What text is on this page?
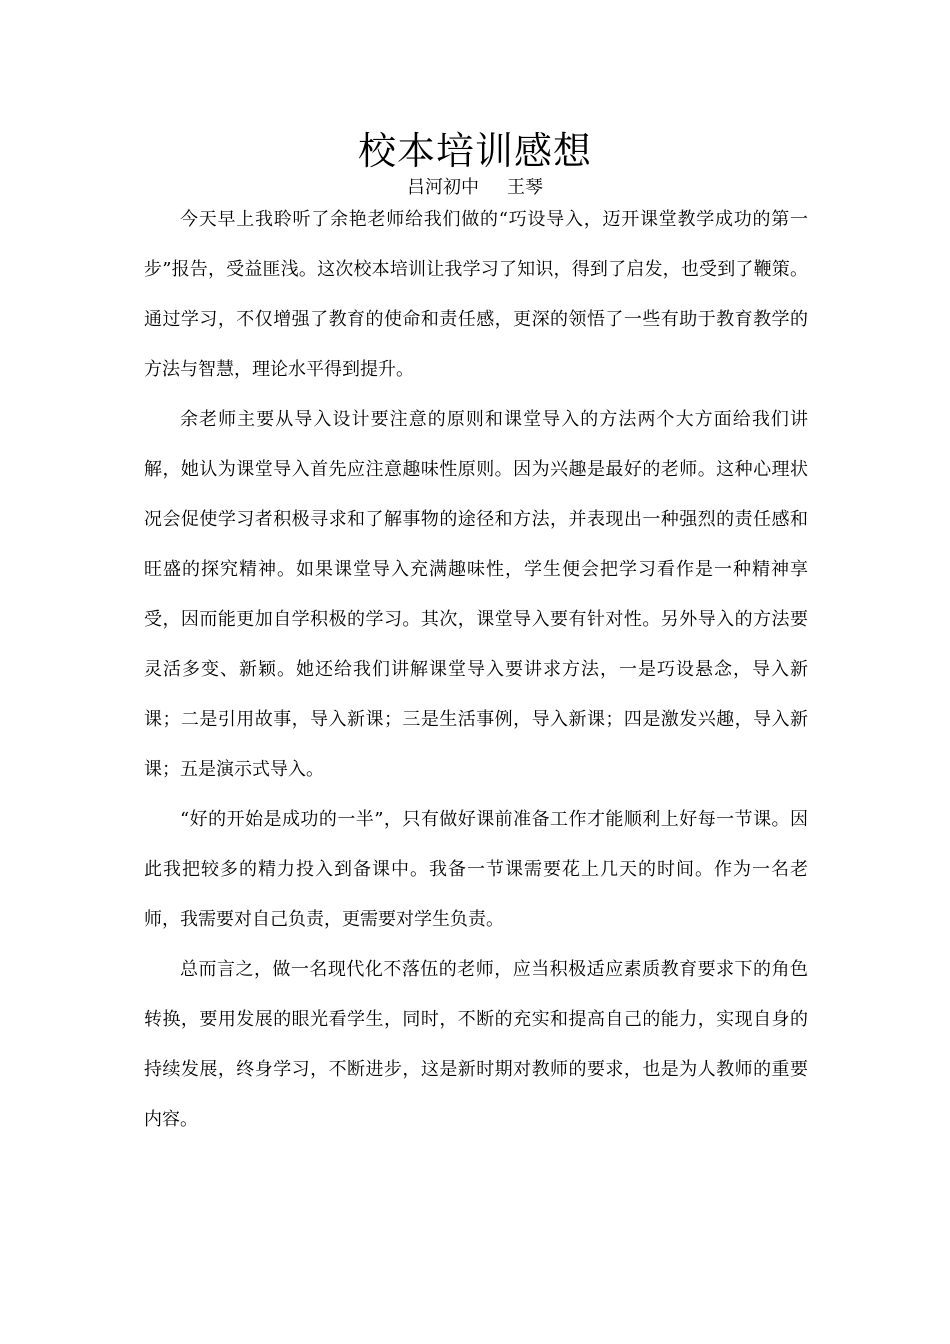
校本培训感想
吕河初中 王琴

今天早上我聆听了余艳老师给我们做的“巧设导入，迈开课堂教学成功的第一步”报告，受益匪浅。这次校本培训让我学习了知识，得到了启发，也受到了鞭策。通过学习，不仅增强了教育的使命和责任感，更深的领悟了一些有助于教育教学的方法与智慧，理论水平得到提升。

余老师主要从导入设计要注意的原则和课堂导入的方法两个大方面给我们讲解，她认为课堂导入首先应注意趣味性原则。因为兴趣是最好的老师。这种心理状况会促使学习者积极寻求和了解事物的途径和方法，并表现出一种强烈的责任感和旺盛的探究精神。如果课堂导入充满趣味性，学生便会把学习看作是一种精神享受，因而能更加自学积极的学习。其次，课堂导入要有针对性。另外导入的方法要灵活多变、新颖。她还给我们讲解课堂导入要讲求方法，一是巧设悬念，导入新课；二是引用故事，导入新课；三是生活事例，导入新课；四是激发兴趣，导入新课；五是演示式导入。

“好的开始是成功的一半”，只有做好课前准备工作才能顺利上好每一节课。因此我把较多的精力投入到备课中。我备一节课需要花上几天的时间。作为一名老师，我需要对自己负责，更需要对学生负责。

总而言之，做一名现代化不落伍的老师，应当积极适应素质教育要求下的角色转换，要用发展的眼光看学生，同时，不断的充实和提高自己的能力，实现自身的持续发展，终身学习，不断进步，这是新时期对教师的要求，也是为人教师的重要内容。
